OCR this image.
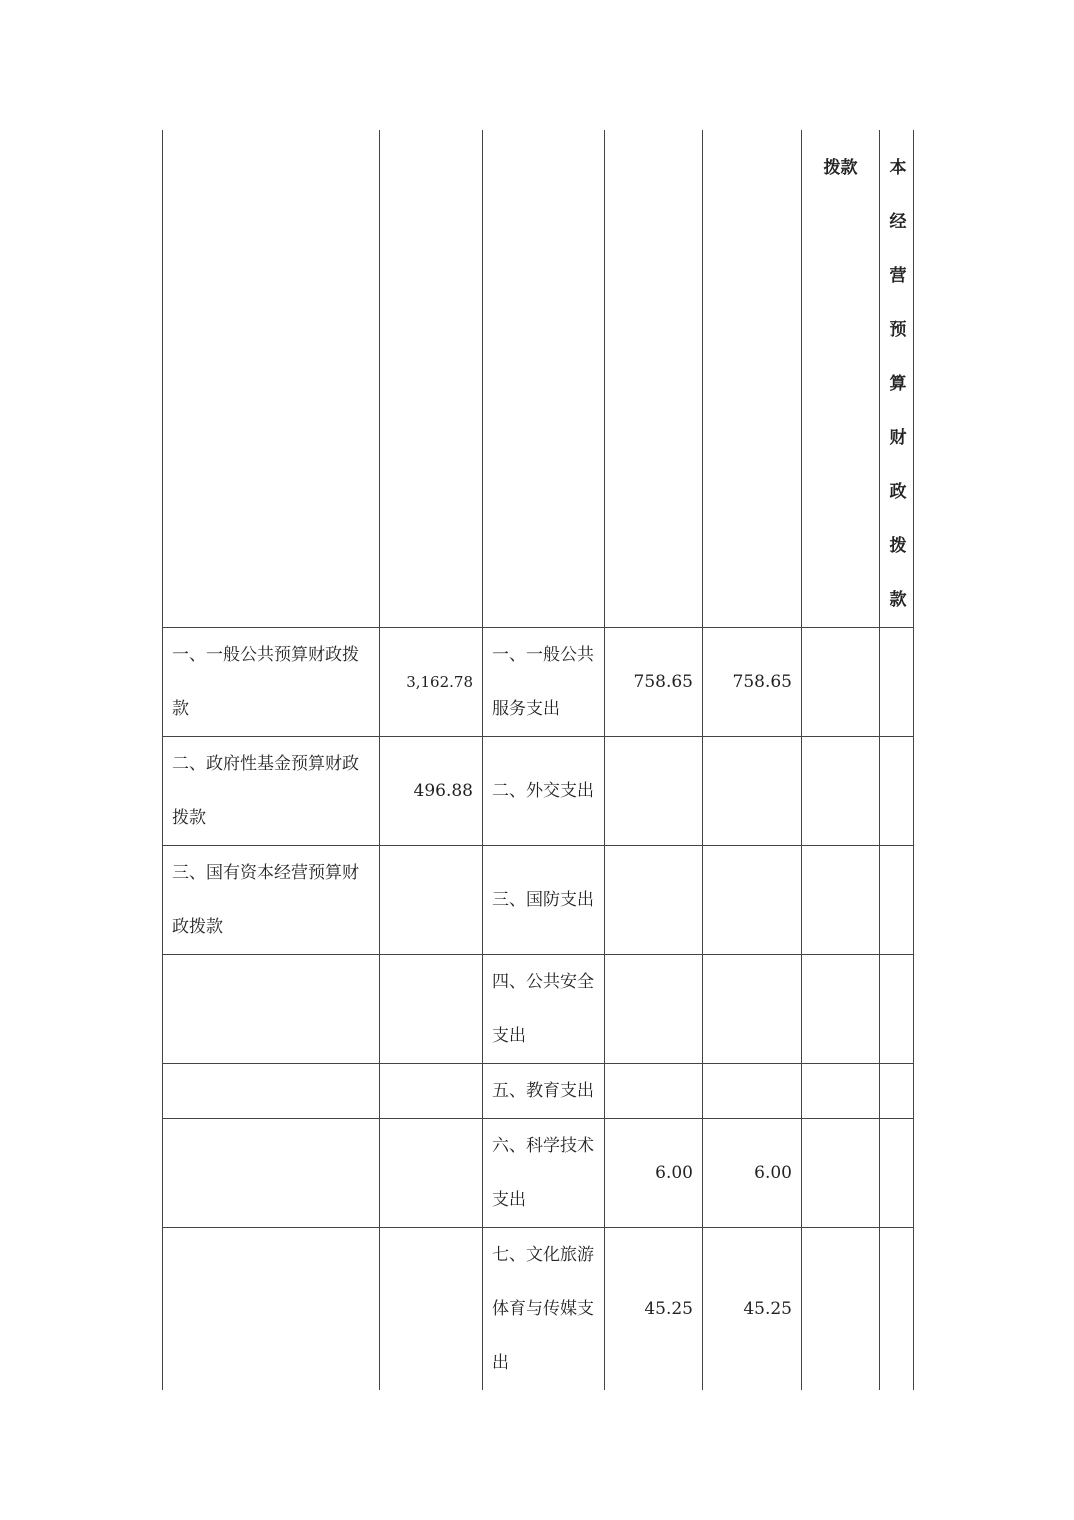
					拨款	本经营预算财政拨款

一、一般公共预算财政拨款	3,162.78	一、一般公共服务支出	758.65	758.65		
二、政府性基金预算财政拨款	496.88	二、外交支出				
三、国有资本经营预算财政拨款		三、国防支出				
		四、公共安全支出				
		五、教育支出				
		六、科学技术支出	6.00	6.00		
		七、文化旅游体育与传媒支出	45.25	45.25		
